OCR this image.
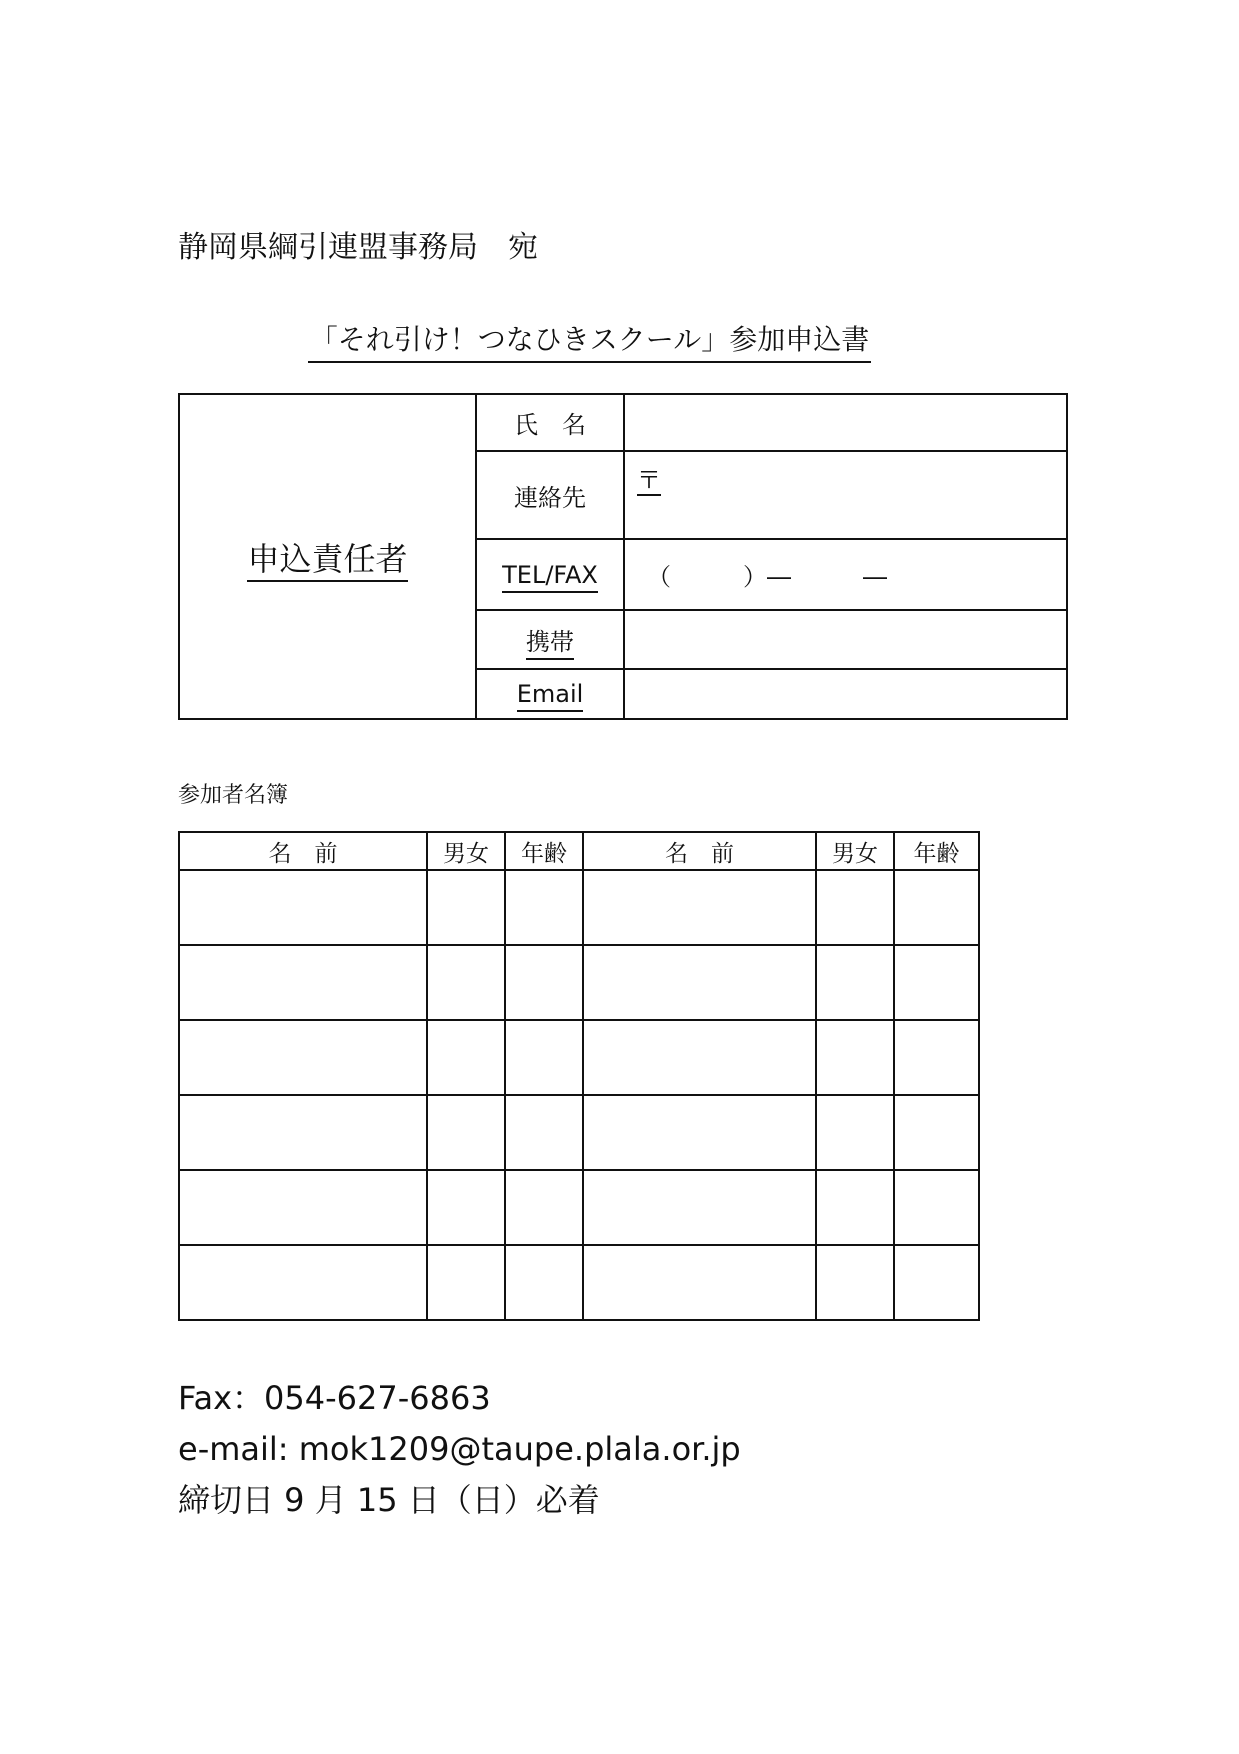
静岡県綱引連盟事務局　宛
「それ引け！つなひきスクール」参加申込書
申込責任者	氏　名	
	連絡先	〒
	TEL/FAX	（　　　）―　　　―
	携帯	
	Email	
参加者名簿
名　前	男女	年齢	名　前	男女	年齢

Fax：054-627-6863
e-mail: mok1209@taupe.plala.or.jp
締切日 9 月 15 日（日）必着
